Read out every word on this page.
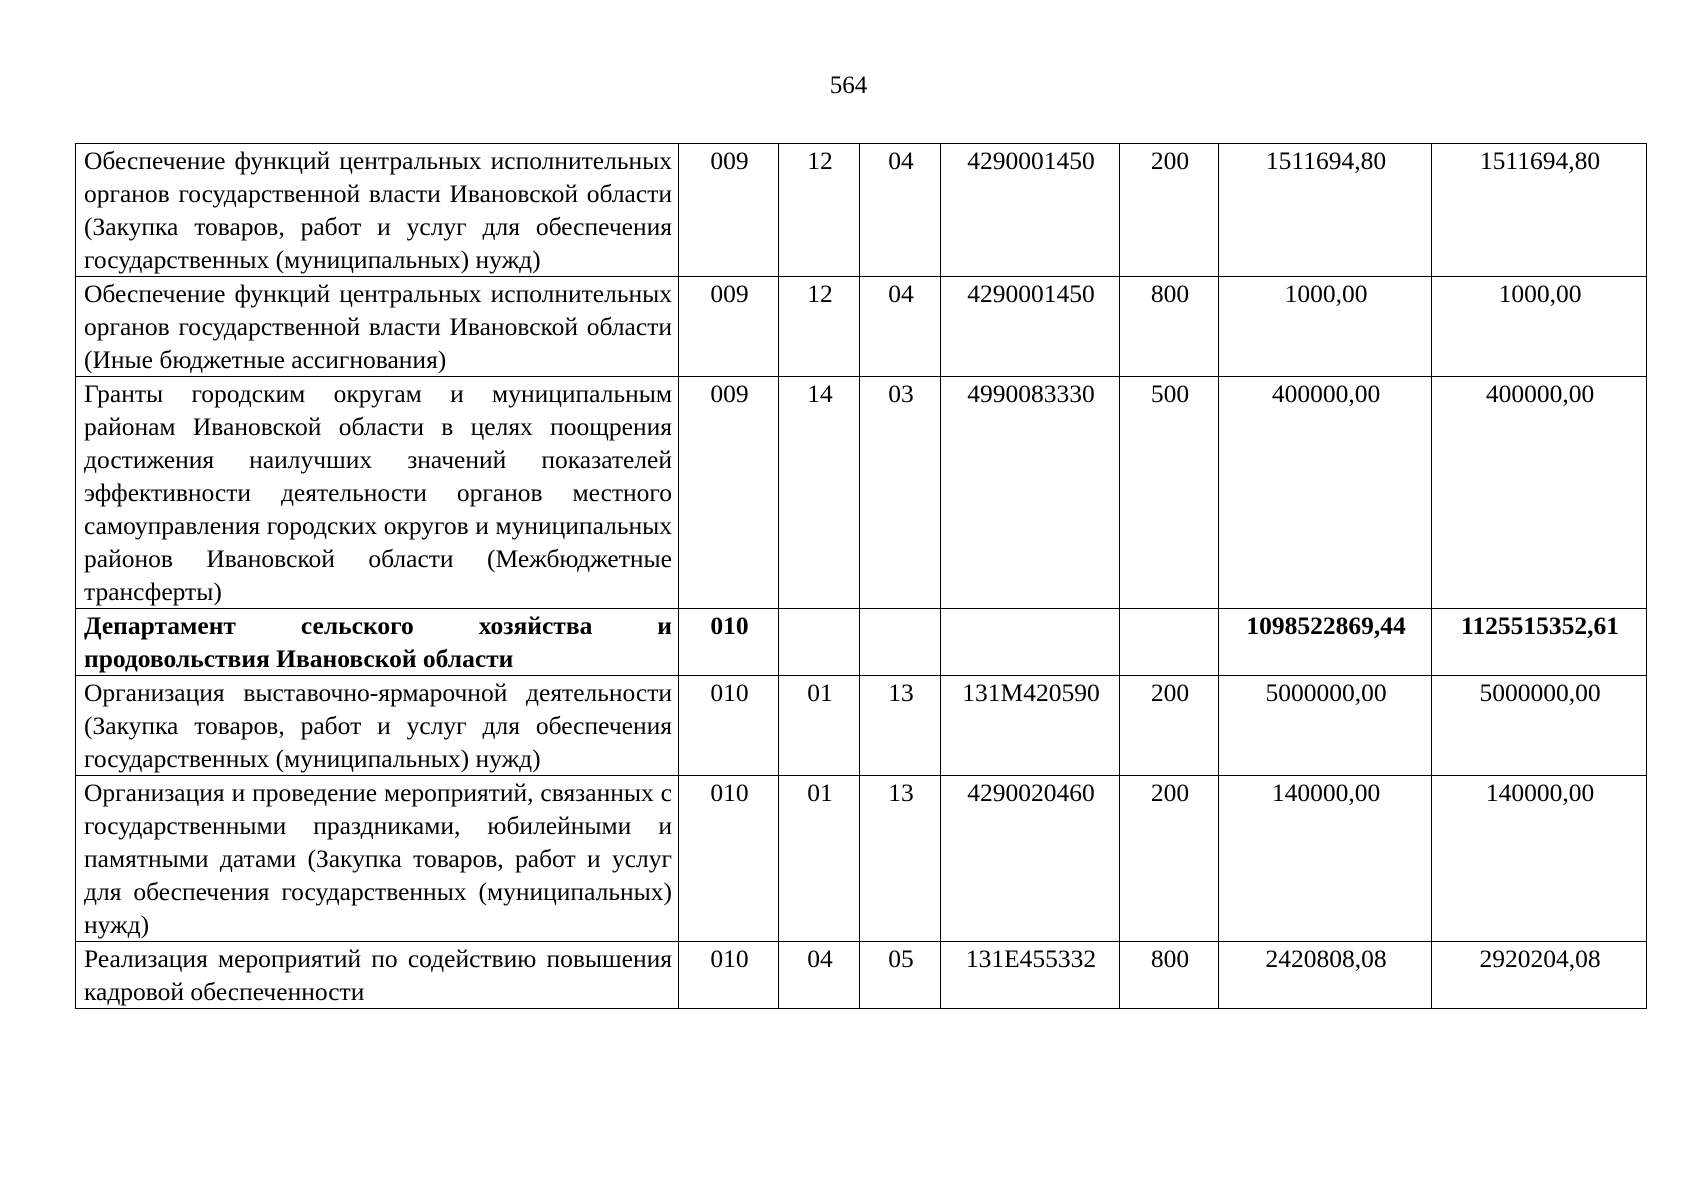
564
Обеспечение функций центральных исполнительных органов государственной власти Ивановской области (Закупка товаров, работ и услуг для обеспечения государственных (муниципальных) нужд)	009	12	04	4290001450	200	1511694,80	1511694,80
Обеспечение функций центральных исполнительных органов государственной власти Ивановской области (Иные бюджетные ассигнования)	009	12	04	4290001450	800	1000,00	1000,00
Гранты городским округам и муниципальным районам Ивановской области в целях поощрения достижения наилучших значений показателей эффективности деятельности органов местного самоуправления городских округов и муниципальных районов Ивановской области (Межбюджетные трансферты)	009	14	03	4990083330	500	400000,00	400000,00
Департамент сельского хозяйства и продовольствия Ивановской области	010					1098522869,44	1125515352,61
Организация выставочно-ярмарочной деятельности (Закупка товаров, работ и услуг для обеспечения государственных (муниципальных) нужд)	010	01	13	131M420590	200	5000000,00	5000000,00
Организация и проведение мероприятий, связанных с государственными праздниками, юбилейными и памятными датами (Закупка товаров, работ и услуг для обеспечения государственных (муниципальных) нужд)	010	01	13	4290020460	200	140000,00	140000,00

Реализация мероприятий по содействию повышения кадровой обеспеченности	010	04	05	131E455332	800	2420808,08	2920204,08
